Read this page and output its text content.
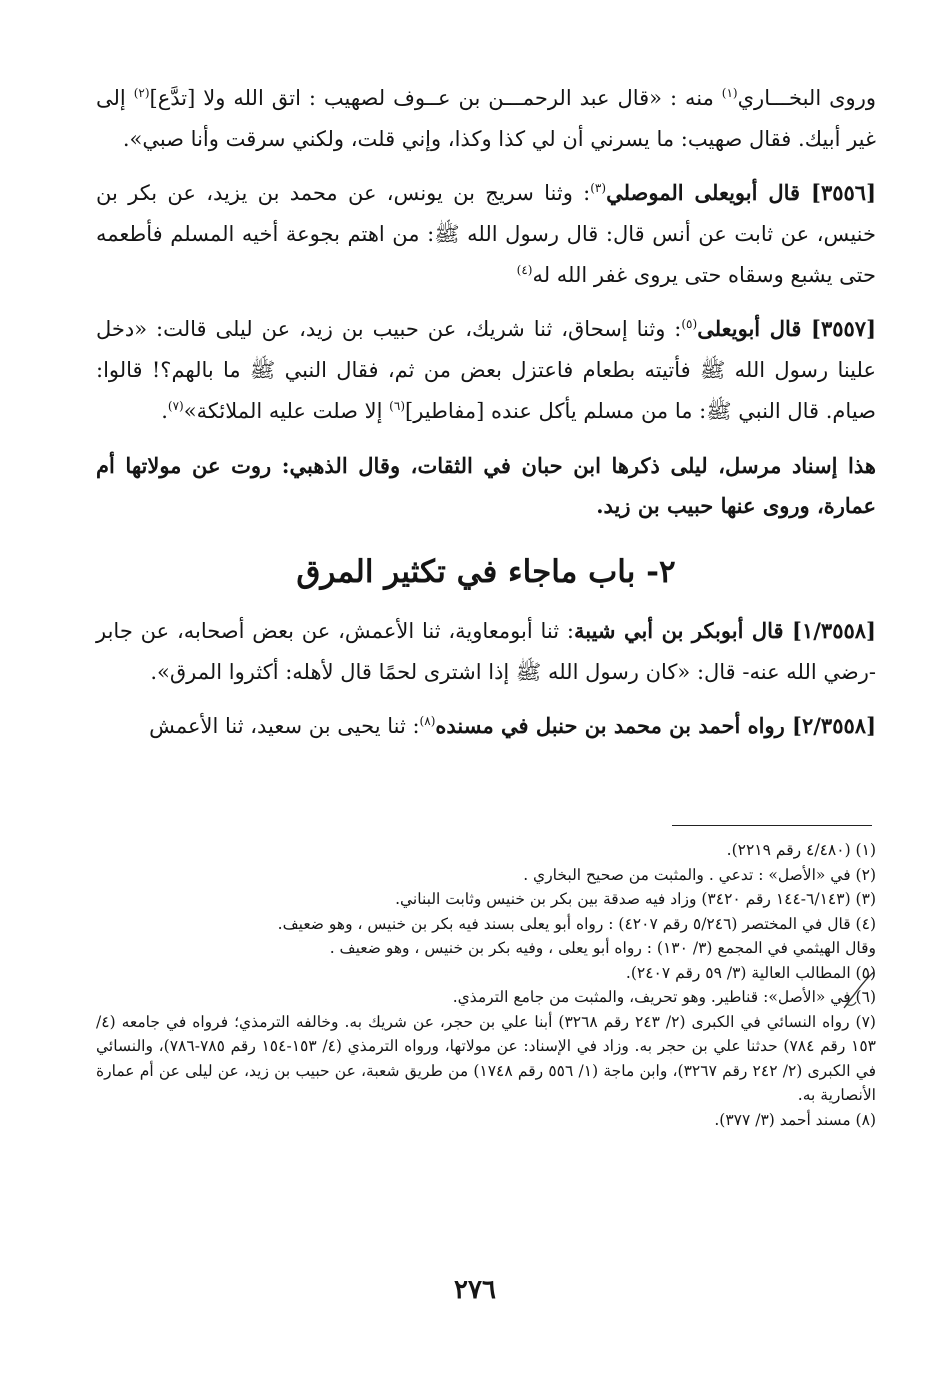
وروى البخـــاري$^{(١)}$ منه : «قال عبد الرحمـــن بن عــوف لصهيب : اتق الله ولا [تدَّع]$^{(٢)}$ إلى غير أبيك. فقال صهيب: ما يسرني أن لي كذا وكذا، وإني قلت، ولكني سرقت وأنا صبي».
[٣٥٥٦] قال أبويعلى الموصلي$^{(٣)}$: وثنا سريج بن يونس، عن محمد بن يزيد، عن بكر بن خنيس، عن ثابت عن أنس قال: قال رسول الله ﷺ: من اهتم بجوعة أخيه المسلم فأطعمه حتى يشبع وسقاه حتى يروى غفر الله له$^{(٤)}$
[٣٥٥٧] قال أبويعلى$^{(٥)}$: وثنا إسحاق، ثنا شريك، عن حبيب بن زيد، عن ليلى قالت: «دخل علينا رسول الله ﷺ فأتيته بطعام فاعتزل بعض من ثم، فقال النبي ﷺ ما بالهم؟! قالوا: صيام. قال النبي ﷺ: ما من مسلم يأكل عنده [مفاطير]$^{(٦)}$ إلا صلت عليه الملائكة»$^{(٧)}$.
هذا إسناد مرسل، ليلى ذكرها ابن حبان في الثقات، وقال الذهبي: روت عن مولاتها أم عمارة، وروى عنها حبيب بن زيد.
٢- باب ماجاء في تكثير المرق
[١/٣٥٥٨] قال أبوبكر بن أبي شيبة: ثنا أبومعاوية، ثنا الأعمش، عن بعض أصحابه، عن جابر -رضي الله عنه- قال: «كان رسول الله ﷺ إذا اشترى لحمًا قال لأهله: أكثروا المرق».
[٢/٣٥٥٨] رواه أحمد بن محمد بن حنبل في مسنده$^{(٨)}$: ثنا يحيى بن سعيد، ثنا الأعمش
(١) (٤/٤٨٠ رقم ٢٢١٩).
(٢) في «الأصل» : تدعي . والمثبت من صحيح البخاري .
(٣) (٦/١٤٣-١٤٤ رقم ٣٤٢٠) وزاد فيه صدقة بين بكر بن خنيس وثابت البناني.
(٤) قال في المختصر (٥/٢٤٦ رقم ٤٢٠٧) : رواه أبو يعلى بسند فيه بكر بن خنيس ، وهو ضعيف.
وقال الهيثمي في المجمع (٣/ ١٣٠) : رواه أبو يعلى ، وفيه بكر بن خنيس ، وهو ضعيف .
(٥) المطالب العالية (٣/ ٥٩ رقم ٢٤٠٧).
(٦) في «الأصل»: قناطير. وهو تحريف، والمثبت من جامع الترمذي.
(٧) رواه النسائي في الكبرى (٢/ ٢٤٣ رقم ٣٢٦٨) أبنا علي بن حجر، عن شريك به. وخالفه الترمذي؛ فرواه في جامعه (٤/ ١٥٣ رقم ٧٨٤) حدثنا علي بن حجر به. وزاد في الإسناد: عن مولاتها، ورواه الترمذي (٤/ ١٥٣-١٥٤ رقم ٧٨٥-٧٨٦)، والنسائي في الكبرى (٢/ ٢٤٢ رقم ٣٢٦٧)، وابن ماجة (١/ ٥٥٦ رقم ١٧٤٨) من طريق شعبة، عن حبيب بن زيد، عن ليلى عن أم عمارة الأنصارية به.
(٨) مسند أحمد (٣/ ٣٧٧).
٢٧٦
